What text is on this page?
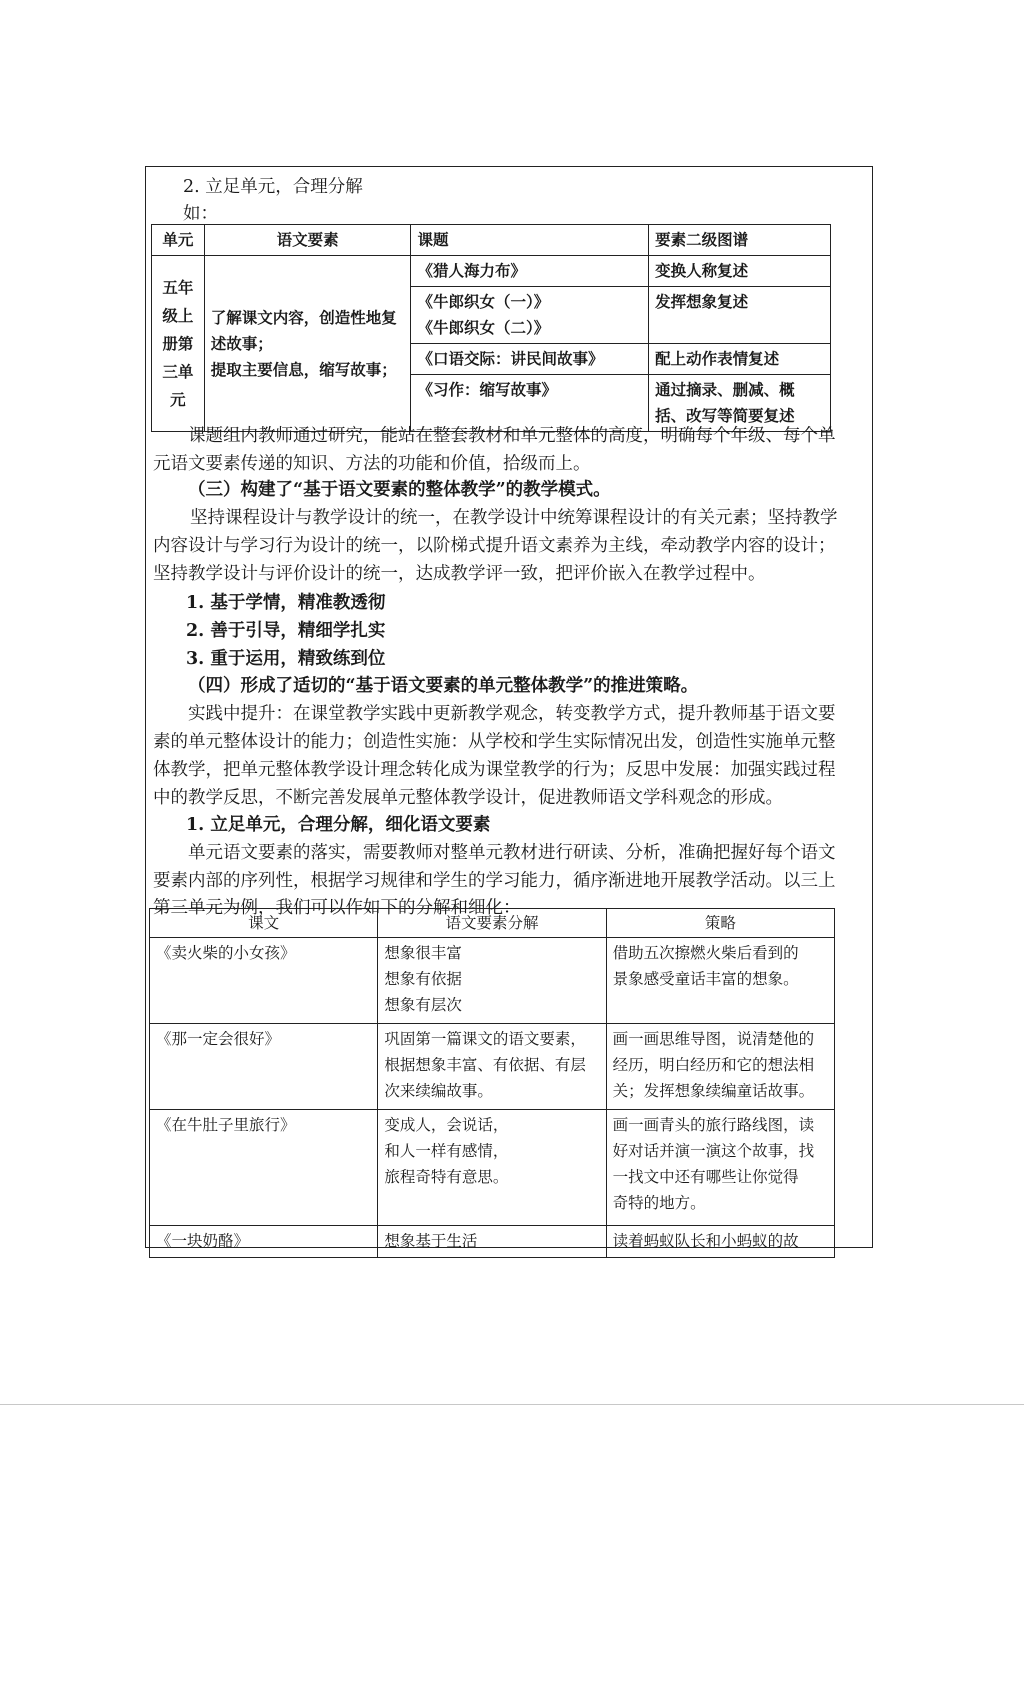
2. 立足单元，合理分解
如：
单元	语文要素	课题	要素二级图谱
五年级上册第三单元	了解课文内容，创造性地复述故事；
提取主要信息，缩写故事；	《猎人海力布》	变换人称复述

		《牛郎织女（一）》
《牛郎织女（二）》	发挥想象复述
		《口语交际：讲民间故事》	配上动作表情复述
		《习作：缩写故事》	通过摘录、删减、概
括、改写等简要复述
课题组内教师通过研究，能站在整套教材和单元整体的高度，明确每个年级、每个单
元语文要素传递的知识、方法的功能和价值，拾级而上。
（三）构建了“基于语文要素的整体教学”的教学模式。
坚持课程设计与教学设计的统一，在教学设计中统筹课程设计的有关元素；坚持教学
内容设计与学习行为设计的统一，以阶梯式提升语文素养为主线，牵动教学内容的设计；
坚持教学设计与评价设计的统一，达成教学评一致，把评价嵌入在教学过程中。
1. 基于学情，精准教透彻
2. 善于引导，精细学扎实
3. 重于运用，精致练到位
（四）形成了适切的“基于语文要素的单元整体教学”的推进策略。
实践中提升：在课堂教学实践中更新教学观念，转变教学方式，提升教师基于语文要
素的单元整体设计的能力；创造性实施：从学校和学生实际情况出发，创造性实施单元整
体教学，把单元整体教学设计理念转化成为课堂教学的行为；反思中发展：加强实践过程
中的教学反思，不断完善发展单元整体教学设计，促进教师语文学科观念的形成。
1. 立足单元，合理分解，细化语文要素
单元语文要素的落实，需要教师对整单元教材进行研读、分析，准确把握好每个语文
要素内部的序列性，根据学习规律和学生的学习能力，循序渐进地开展教学活动。以三上
第三单元为例，我们可以作如下的分解和细化：
课文	语文要素分解	策略
《卖火柴的小女孩》	想象很丰富
想象有依据
想象有层次	借助五次擦燃火柴后看到的
景象感受童话丰富的想象。

《那一定会很好》	巩固第一篇课文的语文要素，
根据想象丰富、有依据、有层
次来续编故事。	画一画思维导图，说清楚他的
经历，明白经历和它的想法相
关；发挥想象续编童话故事。

《在牛肚子里旅行》	变成人，会说话，
和人一样有感情，
旅程奇特有意思。	画一画青头的旅行路线图，读
好对话并演一演这个故事，找
一找文中还有哪些让你觉得
奇特的地方。

《一块奶酪》	想象基于生活	读着蚂蚁队长和小蚂蚁的故
